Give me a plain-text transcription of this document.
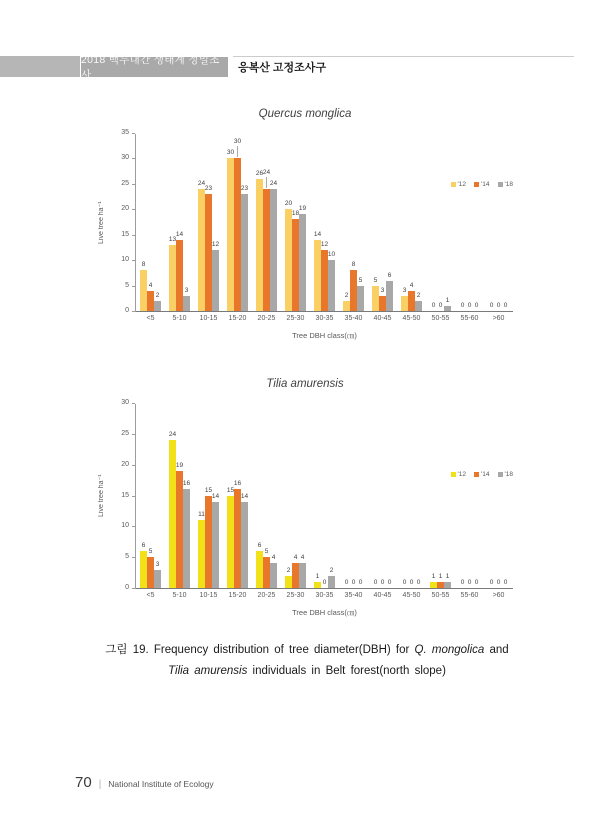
2018 백두대간 생태계 정밀조사
응복산 고정조사구
Quercus monglica
Live tree ha⁻¹
0
5
10
15
20
25
30
35
'12 '14 '18
8
4
2
13
14
3
24
23
12
30
30
23
26 24
24
20
18
19
14
12
10
2
8
5	5
3
6
3
4
2
0 0
1
0 0 0	0 0 0
<5	5-10	10-15	15-20	20-25	25-30	30-35	35-40	40-45	45-50	50-55	55-60	>60
Tree DBH class(㎝)
Tilia amurensis
Live tree ha⁻¹
0
5
10
15
20
25
30
'12 '14 '18
6
5
3
24
19
16
11
15
14
15
16
14
6
5
4
2
4 4
1
0
2
0 0 0	0 0 0	0 0 0
1 1 1
0 0 0	0 0 0
<5	5-10	10-15	15-20	20-25	25-30	30-35	35-40	40-45	45-50	50-55	55-60	>60
Tree DBH class(㎝)
그림 19. Frequency distribution of tree diameter(DBH) for Q. mongolica and
Tilia amurensis individuals in Belt forest(north slope)
70 | National Institute of Ecology
